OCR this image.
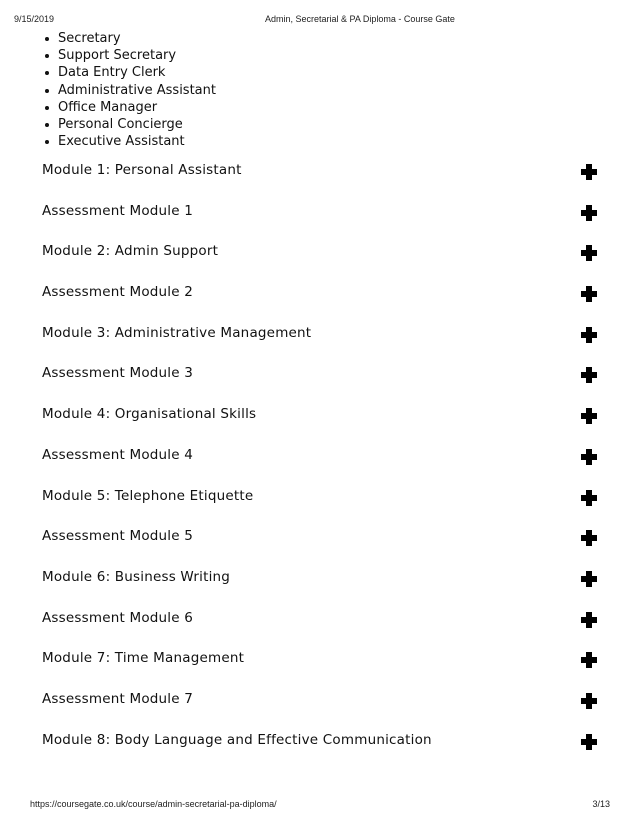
9/15/2019	Admin, Secretarial & PA Diploma - Course Gate
Secretary
Support Secretary
Data Entry Clerk
Administrative Assistant
Office Manager
Personal Concierge
Executive Assistant
Module 1: Personal Assistant
Assessment Module 1
Module 2: Admin Support
Assessment Module 2
Module 3: Administrative Management
Assessment Module 3
Module 4: Organisational Skills
Assessment Module 4
Module 5: Telephone Etiquette
Assessment Module 5
Module 6: Business Writing
Assessment Module 6
Module 7: Time Management
Assessment Module 7
Module 8: Body Language and Effective Communication
https://coursegate.co.uk/course/admin-secretarial-pa-diploma/	3/13
